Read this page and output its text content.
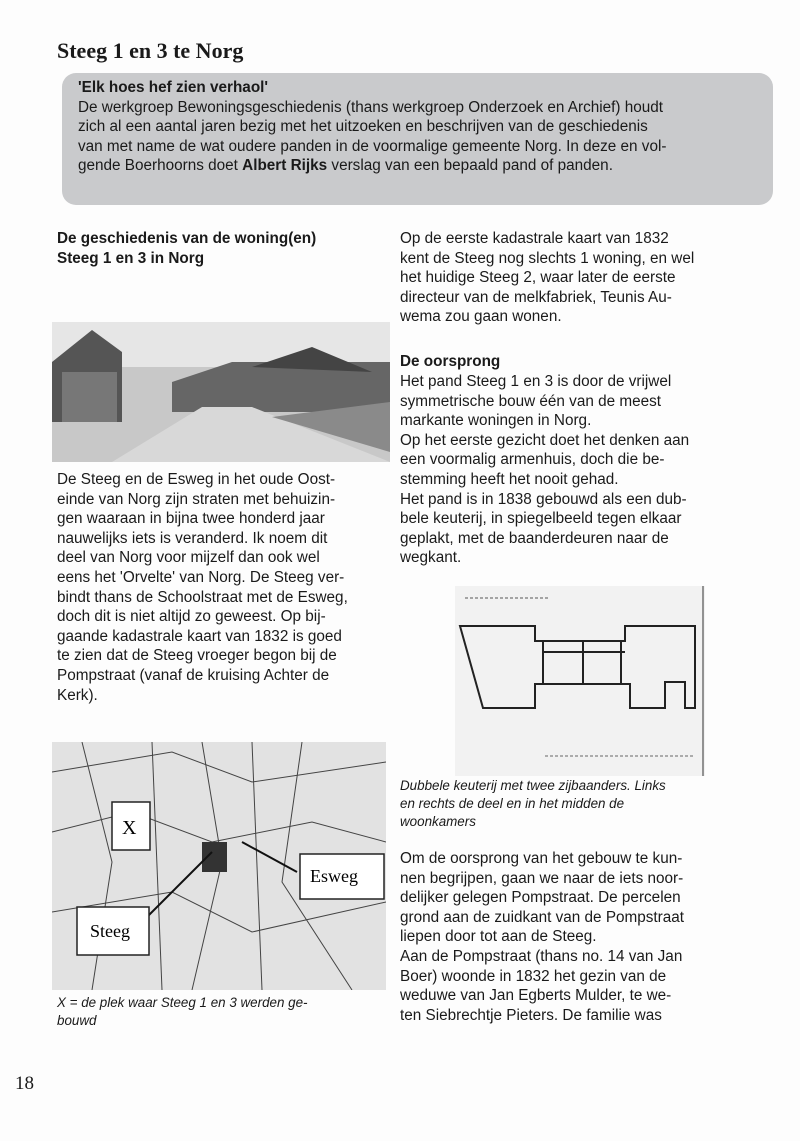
Steeg 1 en 3 te Norg
'Elk hoes hef zien verhaol'
De werkgroep Bewoningsgeschiedenis (thans werkgroep Onderzoek en Archief) houdt
zich al een aantal jaren bezig met het uitzoeken en beschrijven van de geschiedenis
van met name de wat oudere panden in de voormalige gemeente Norg. In deze en vol-
gende Boerhoorns doet Albert Rijks verslag van een bepaald pand of panden.
De geschiedenis van de woning(en)
Steeg 1 en 3 in Norg
De Steeg en de Esweg in het oude Oost-
einde van Norg zijn straten met behuizin-
gen waaraan in bijna twee honderd jaar
nauwelijks iets is veranderd. Ik noem dit
deel van Norg voor mijzelf dan ook wel
eens het 'Orvelte' van Norg. De Steeg ver-
bindt thans de Schoolstraat met de Esweg,
doch dit is niet altijd zo geweest. Op bij-
gaande kadastrale kaart van 1832 is goed
te zien dat de Steeg vroeger begon bij de
Pompstraat (vanaf de kruising Achter de
Kerk).
X
Esweg
Steeg
X = de plek waar Steeg 1 en 3 werden ge-
bouwd
Op de eerste kadastrale kaart van 1832
kent de Steeg nog slechts 1 woning, en wel
het huidige Steeg 2, waar later de eerste
directeur van de melkfabriek, Teunis Au-
wema zou gaan wonen.
De oorsprong
Het pand Steeg 1 en 3 is door de vrijwel
symmetrische bouw één van de meest
markante woningen in Norg.
Op het eerste gezicht doet het denken aan
een voormalig armenhuis, doch die be-
stemming heeft het nooit gehad.
Het pand is in 1838 gebouwd als een dub-
bele keuterij, in spiegelbeeld tegen elkaar
geplakt, met de baanderdeuren naar de
wegkant.
Dubbele keuterij met twee zijbaanders. Links
en rechts de deel en in het midden de
woonkamers
Om de oorsprong van het gebouw te kun-
nen begrijpen, gaan we naar de iets noor-
delijker gelegen Pompstraat. De percelen
grond aan de zuidkant van de Pompstraat
liepen door tot aan de Steeg.
Aan de Pompstraat (thans no. 14 van Jan
Boer) woonde in 1832 het gezin van de
weduwe van Jan Egberts Mulder, te we-
ten Siebrechtje Pieters. De familie was
18
